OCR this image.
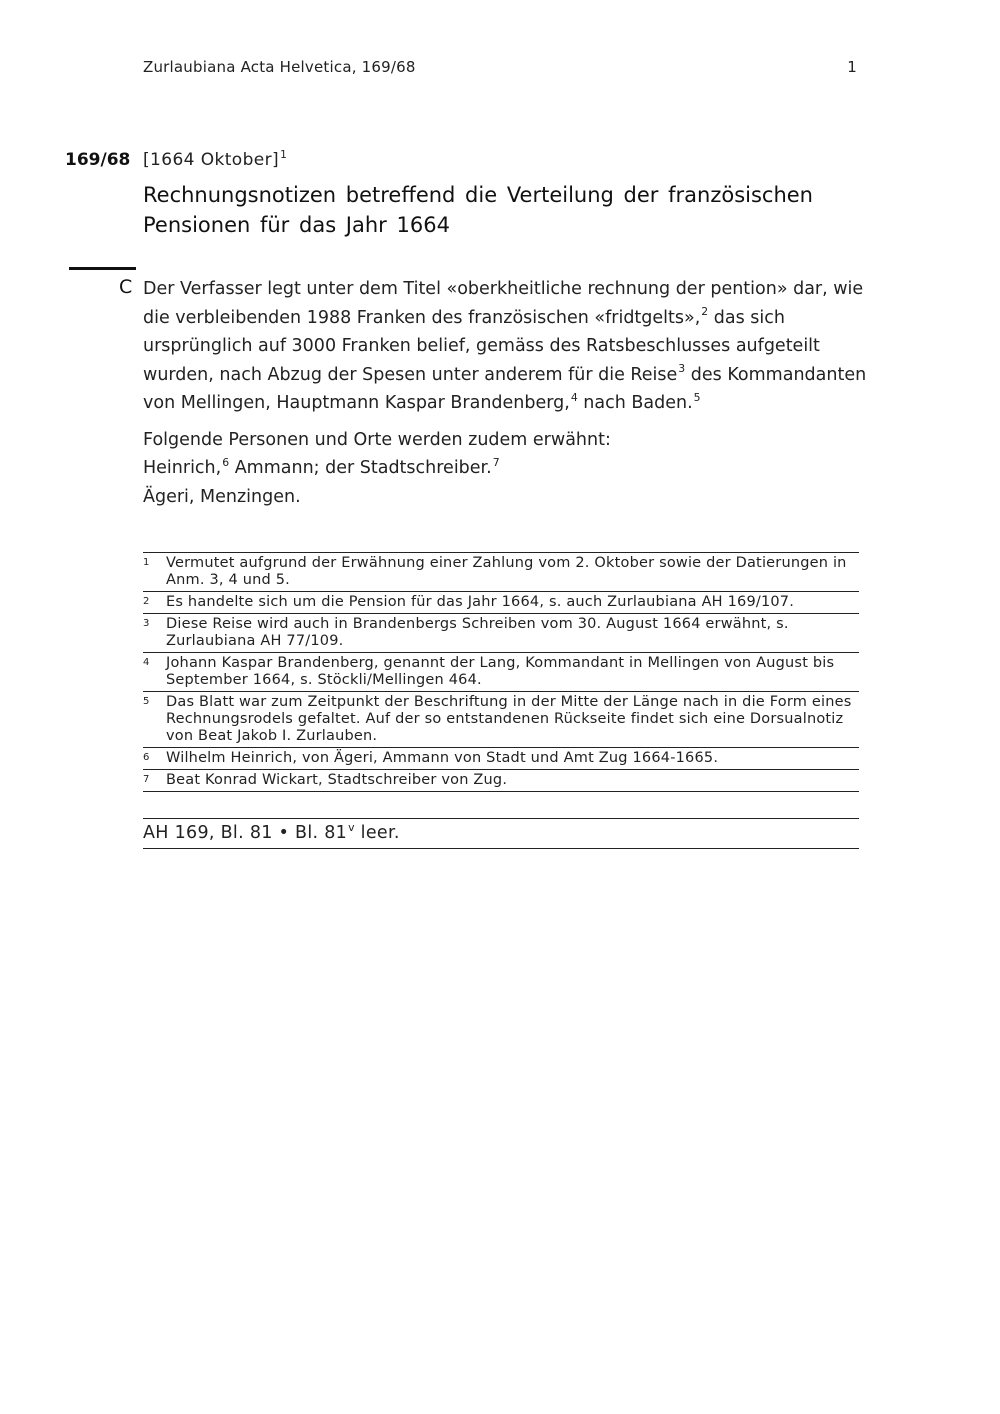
Zurlaubiana Acta Helvetica, 169/68	1
169/68 [1664 Oktober]$^1$
Rechnungsnotizen betreffend die Verteilung der französischen Pensionen für das Jahr 1664
C Der Verfasser legt unter dem Titel «oberkheitliche rechnung der pention» dar, wie die verbleibenden 1988 Franken des französischen «fridtgelts»,$^2$ das sich ursprünglich auf 3000 Franken belief, gemäss des Ratsbeschlusses aufgeteilt wurden, nach Abzug der Spesen unter anderem für die Reise$^3$ des Kommandanten von Mellingen, Hauptmann Kaspar Brandenberg,$^4$ nach Baden.$^5$

Folgende Personen und Orte werden zudem erwähnt:
Heinrich,$^6$ Ammann; der Stadtschreiber.$^7$
Ägeri, Menzingen.
1 Vermutet aufgrund der Erwähnung einer Zahlung vom 2. Oktober sowie der Datierungen in Anm. 3, 4 und 5.
2 Es handelte sich um die Pension für das Jahr 1664, s. auch Zurlaubiana AH 169/107.
3 Diese Reise wird auch in Brandenbergs Schreiben vom 30. August 1664 erwähnt, s. Zurlaubiana AH 77/109.
4 Johann Kaspar Brandenberg, genannt der Lang, Kommandant in Mellingen von August bis September 1664, s. Stöckli/Mellingen 464.
5 Das Blatt war zum Zeitpunkt der Beschriftung in der Mitte der Länge nach in die Form eines Rechnungsrodels gefaltet. Auf der so entstandenen Rückseite findet sich eine Dorsualnotiz von Beat Jakob I. Zurlauben.
6 Wilhelm Heinrich, von Ägeri, Ammann von Stadt und Amt Zug 1664-1665.
7 Beat Konrad Wickart, Stadtschreiber von Zug.
AH 169, Bl. 81 • Bl. 81$^v$ leer.
